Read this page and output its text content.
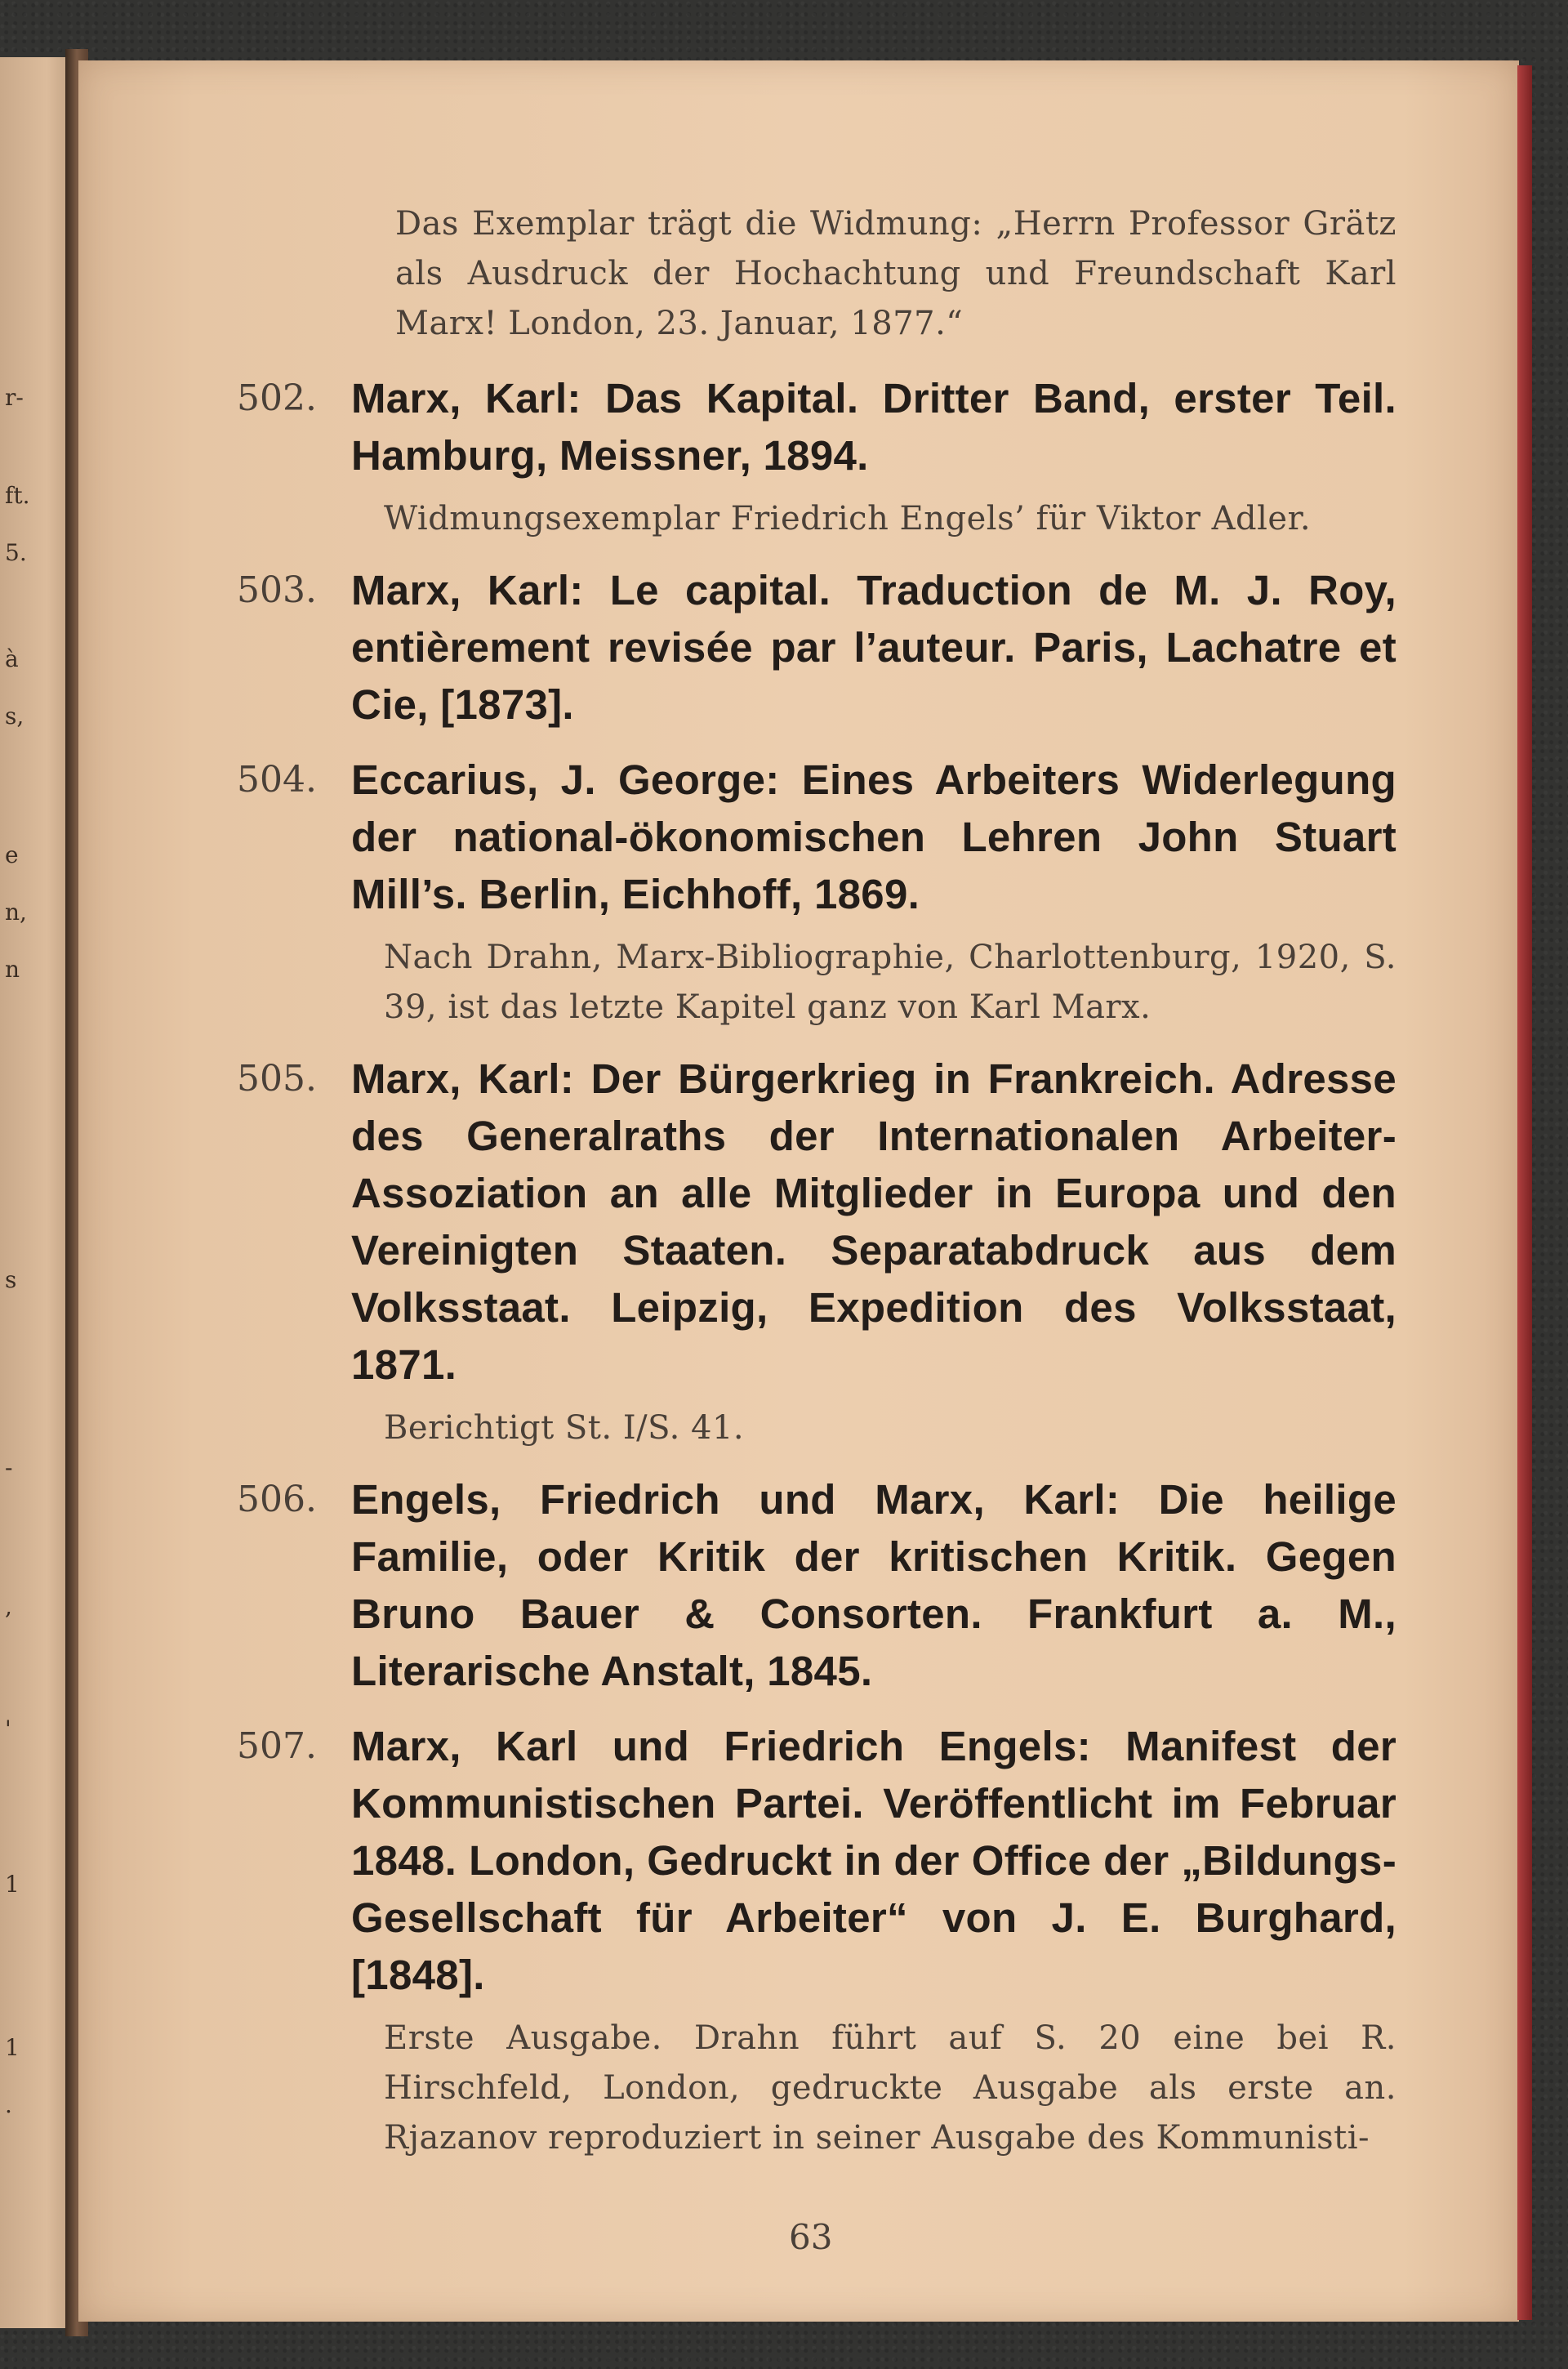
r-
ft.
5.
à
s,
e
n,
n
s
-
,
'
1
1
.
Das Exemplar trägt die Widmung: „Herrn Professor Grätz als Ausdruck der Hochachtung und Freundschaft Karl Marx! London, 23. Januar, 1877.“
502. Marx, Karl: Das Kapital. Dritter Band, erster Teil. Hamburg, Meissner, 1894.
Widmungsexemplar Friedrich Engels’ für Viktor Adler.
503. Marx, Karl: Le capital. Traduction de M. J. Roy, entièrement revisée par l’auteur. Paris, Lachatre et Cie, [1873].
504. Eccarius, J. George: Eines Arbeiters Widerlegung der national-ökonomischen Lehren John Stuart Mill’s. Berlin, Eichhoff, 1869.
Nach Drahn, Marx-Bibliographie, Charlottenburg, 1920, S. 39, ist das letzte Kapitel ganz von Karl Marx.
505. Marx, Karl: Der Bürgerkrieg in Frankreich. Adresse des Generalraths der Internationalen Arbeiter-Assoziation an alle Mitglieder in Europa und den Vereinigten Staaten. Separatabdruck aus dem Volksstaat. Leipzig, Expedition des Volksstaat, 1871.
Berichtigt St. I/S. 41.
506. Engels, Friedrich und Marx, Karl: Die heilige Familie, oder Kritik der kritischen Kritik. Gegen Bruno Bauer & Consorten. Frankfurt a. M., Literarische Anstalt, 1845.
507. Marx, Karl und Friedrich Engels: Manifest der Kommunistischen Partei. Veröffentlicht im Februar 1848. London, Gedruckt in der Office der „Bildungs-Gesellschaft für Arbeiter“ von J. E. Burghard, [1848].
Erste Ausgabe. Drahn führt auf S. 20 eine bei R. Hirschfeld, London, gedruckte Ausgabe als erste an. Rjazanov reproduziert in seiner Ausgabe des Kommunisti-
63
